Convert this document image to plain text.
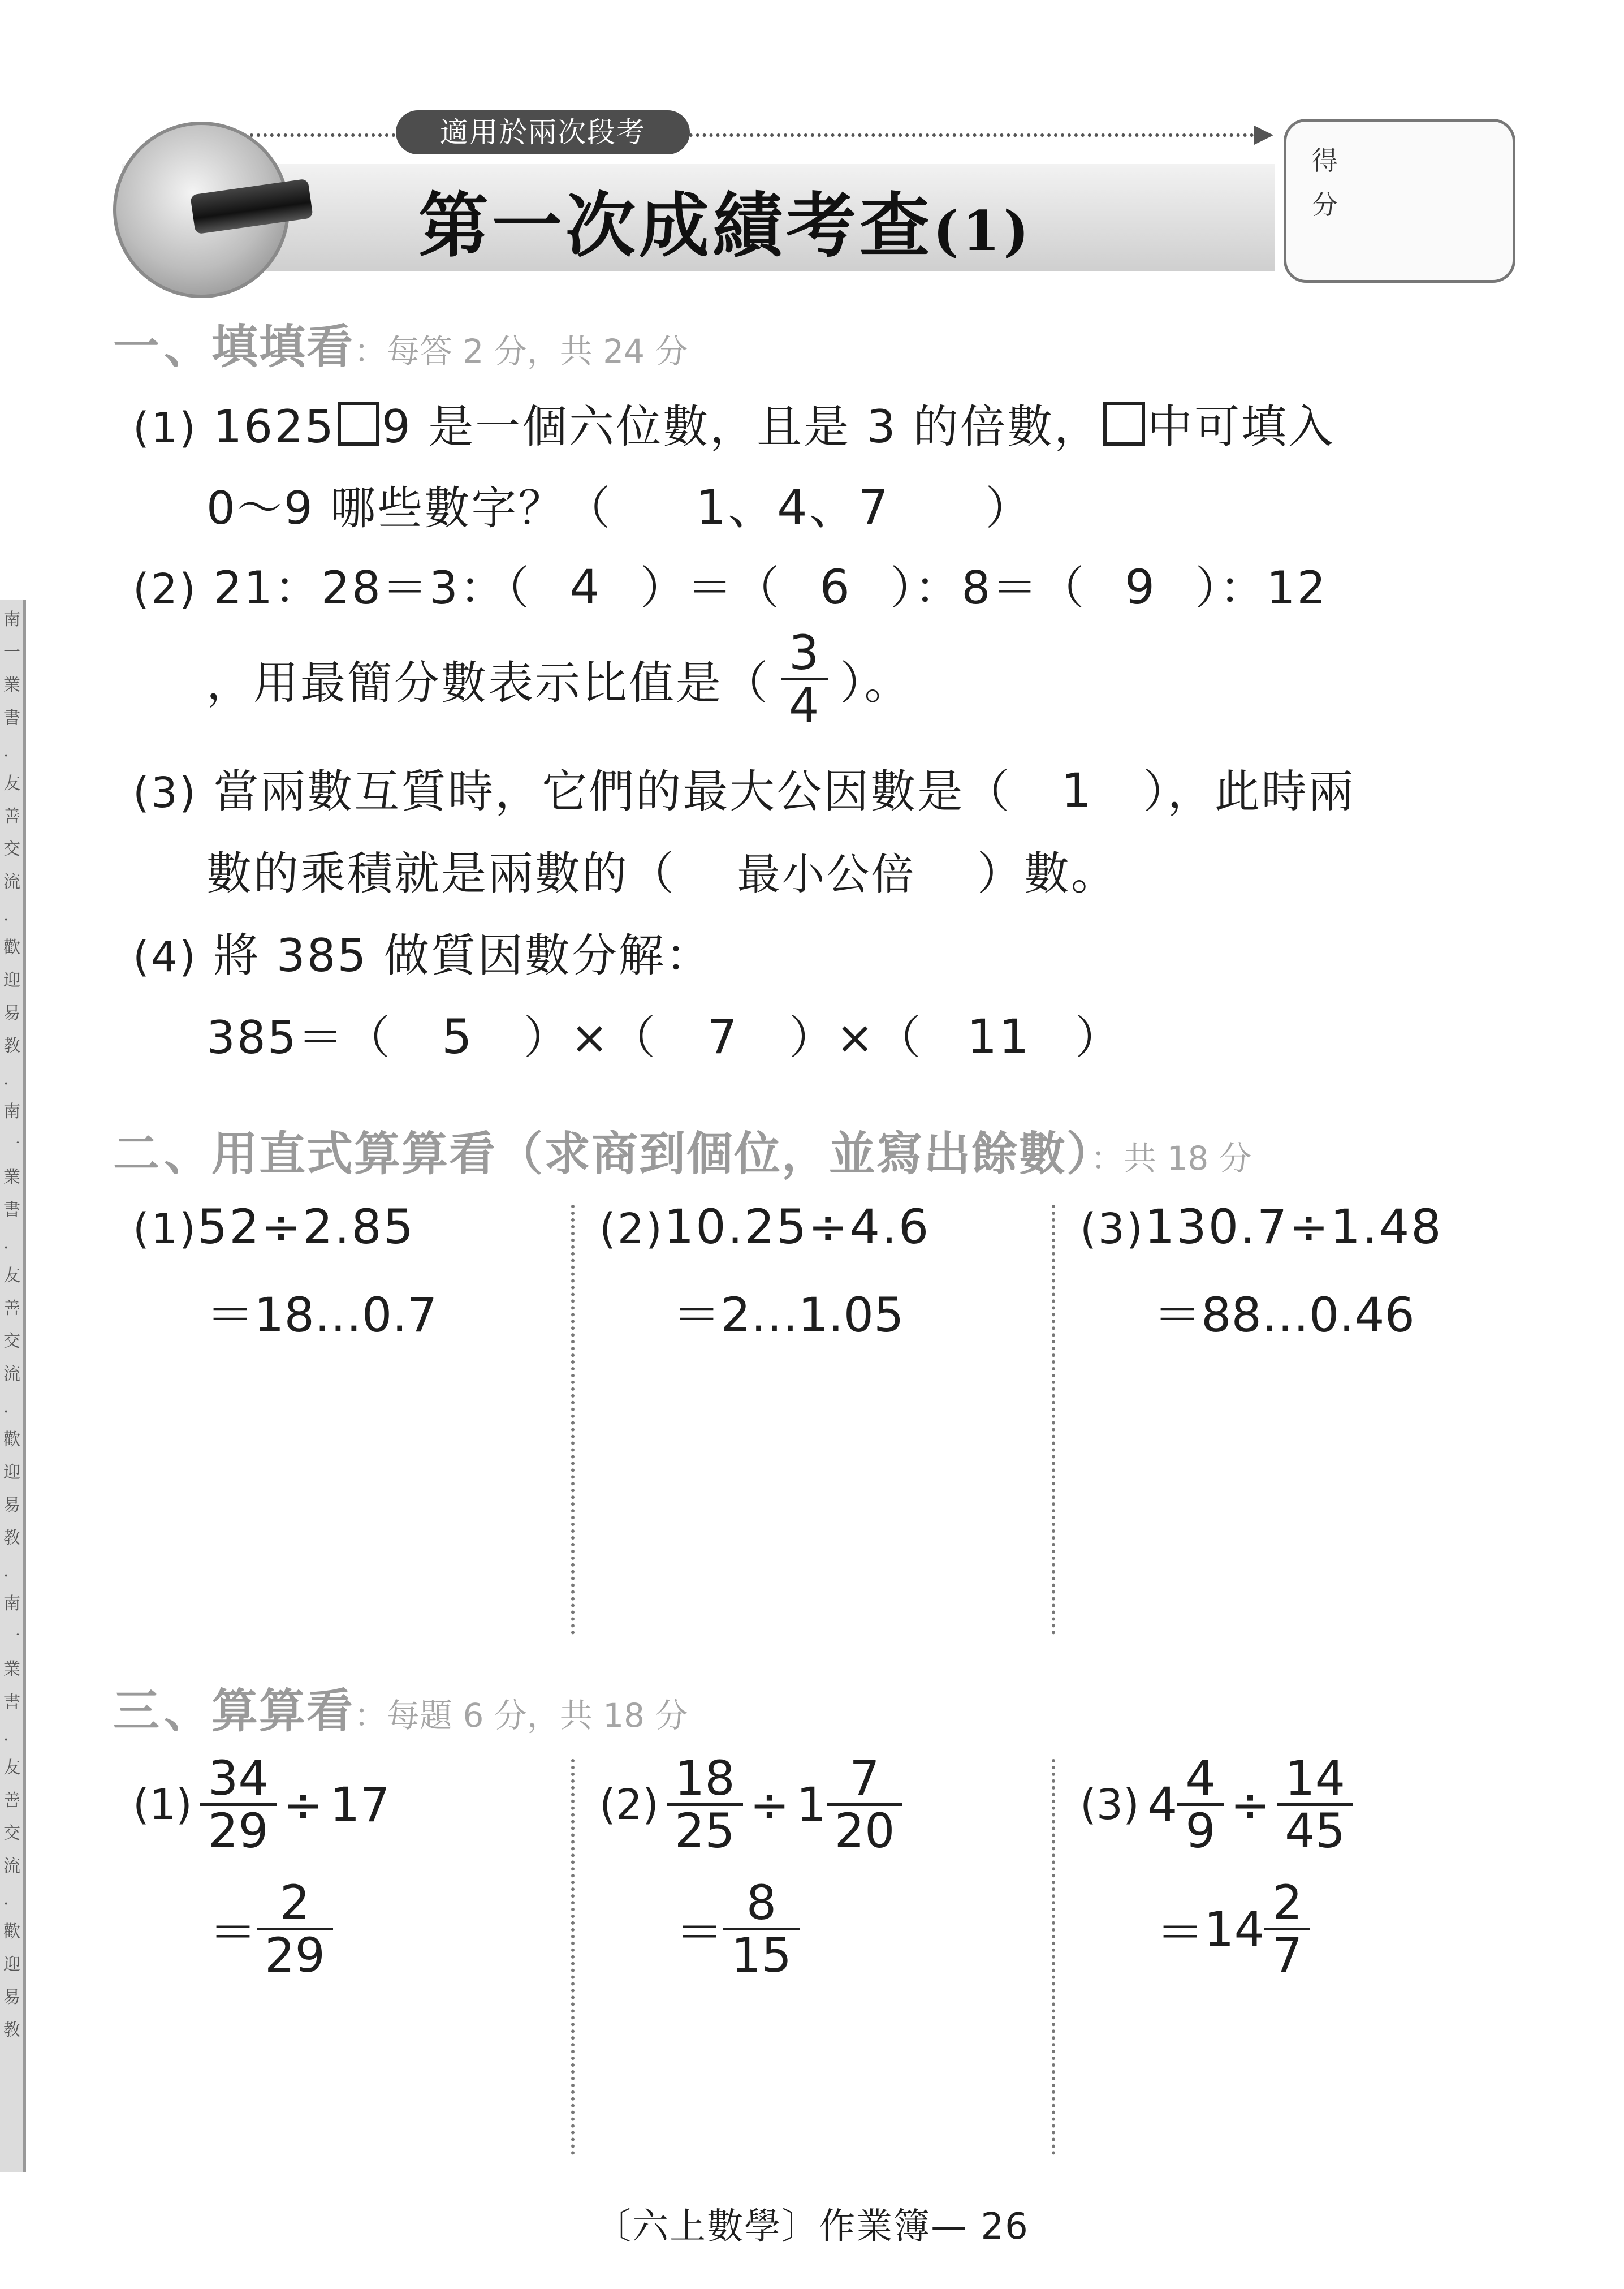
南
一
業
書
．
友
善
交
流
．
歡
迎
易
教
．
南
一
業
書
．
友
善
交
流
．
歡
迎
易
教
．
南
一
業
書
．
友
善
交
流
．
歡
迎
易
教
適用於兩次段考
第一次成績考查(1)
得
分
一、填填看：每答 2 分，共 24 分
(1) 1625 9 是一個六位數，且是 3 的倍數， 中可填入
0～9 哪些數字？（ 1、4、7 ）
(2) 21：28＝3：（ 4 ）＝（ 6 ）：8＝（ 9 ）：12
，用最簡分數表示比值是（
3
4 ）。
(3) 當兩數互質時，它們的最大公因數是（ 1 ），此時兩
數的乘積就是兩數的（ 最小公倍 ）數。
(4) 將 385 做質因數分解：
385＝（ 5 ）×（ 7 ）×（ 11 ）
二、用直式算算看（求商到個位，並寫出餘數）：共 18 分
(1)52÷2.85
＝18…0.7
(2)10.25÷4.6
＝2…1.05
(3)130.7÷1.48
＝88…0.46
三、算算看：每題 6 分，共 18 分
(1) 34
29 ÷ 17
＝
2
29
(2) 18
25 ÷ 1 7
20
＝
8
15
(3) 4 4
9 ÷ 14
45
＝ 14 2
7
〔六上數學〕作業簿— 26
